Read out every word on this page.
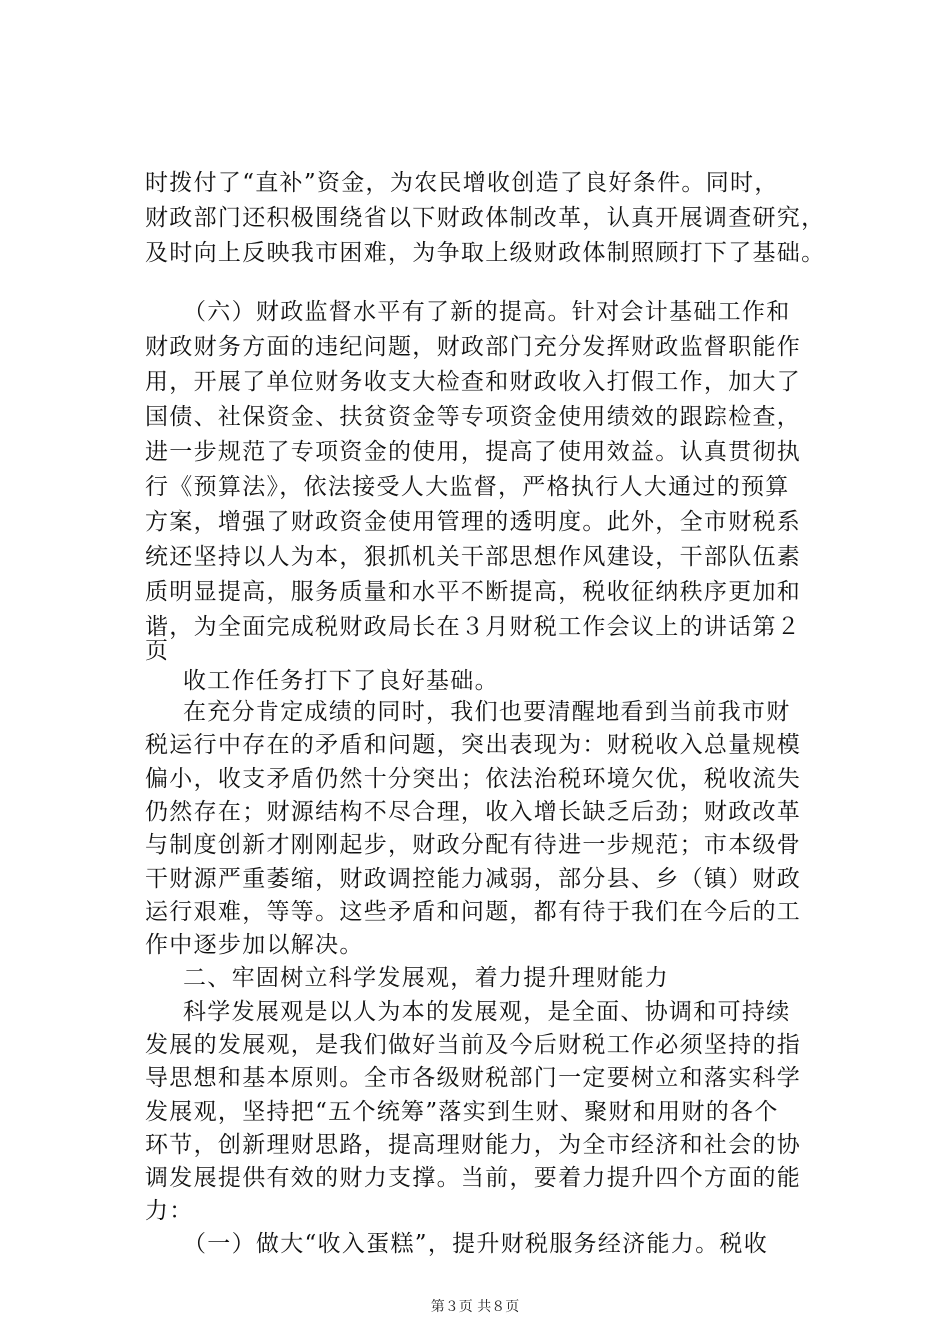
时拨付了“直补”资金，为农民增收创造了良好条件。同时，
财政部门还积极围绕省以下财政体制改革，认真开展调查研究，
及时向上反映我市困难，为争取上级财政体制照顾打下了基础。
（六）财政监督水平有了新的提高。针对会计基础工作和
财政财务方面的违纪问题，财政部门充分发挥财政监督职能作
用，开展了单位财务收支大检查和财政收入打假工作，加大了
国债、社保资金、扶贫资金等专项资金使用绩效的跟踪检查，
进一步规范了专项资金的使用，提高了使用效益。认真贯彻执
行《预算法》，依法接受人大监督，严格执行人大通过的预算
方案，增强了财政资金使用管理的透明度。此外，全市财税系
统还坚持以人为本，狠抓机关干部思想作风建设，干部队伍素
质明显提高，服务质量和水平不断提高，税收征纳秩序更加和
谐，为全面完成税财政局长在３月财税工作会议上的讲话第２
页
收工作任务打下了良好基础。
在充分肯定成绩的同时，我们也要清醒地看到当前我市财
税运行中存在的矛盾和问题，突出表现为：财税收入总量规模
偏小，收支矛盾仍然十分突出；依法治税环境欠优，税收流失
仍然存在；财源结构不尽合理，收入增长缺乏后劲；财政改革
与制度创新才刚刚起步，财政分配有待进一步规范；市本级骨
干财源严重萎缩，财政调控能力减弱，部分县、乡（镇）财政
运行艰难，等等。这些矛盾和问题，都有待于我们在今后的工
作中逐步加以解决。
二、牢固树立科学发展观，着力提升理财能力
科学发展观是以人为本的发展观，是全面、协调和可持续
发展的发展观，是我们做好当前及今后财税工作必须坚持的指
导思想和基本原则。全市各级财税部门一定要树立和落实科学
发展观，坚持把“五个统筹”落实到生财、聚财和用财的各个
环节，创新理财思路，提高理财能力，为全市经济和社会的协
调发展提供有效的财力支撑。当前，要着力提升四个方面的能
力：
（一）做大“收入蛋糕”，提升财税服务经济能力。税收
第３页 共８页
